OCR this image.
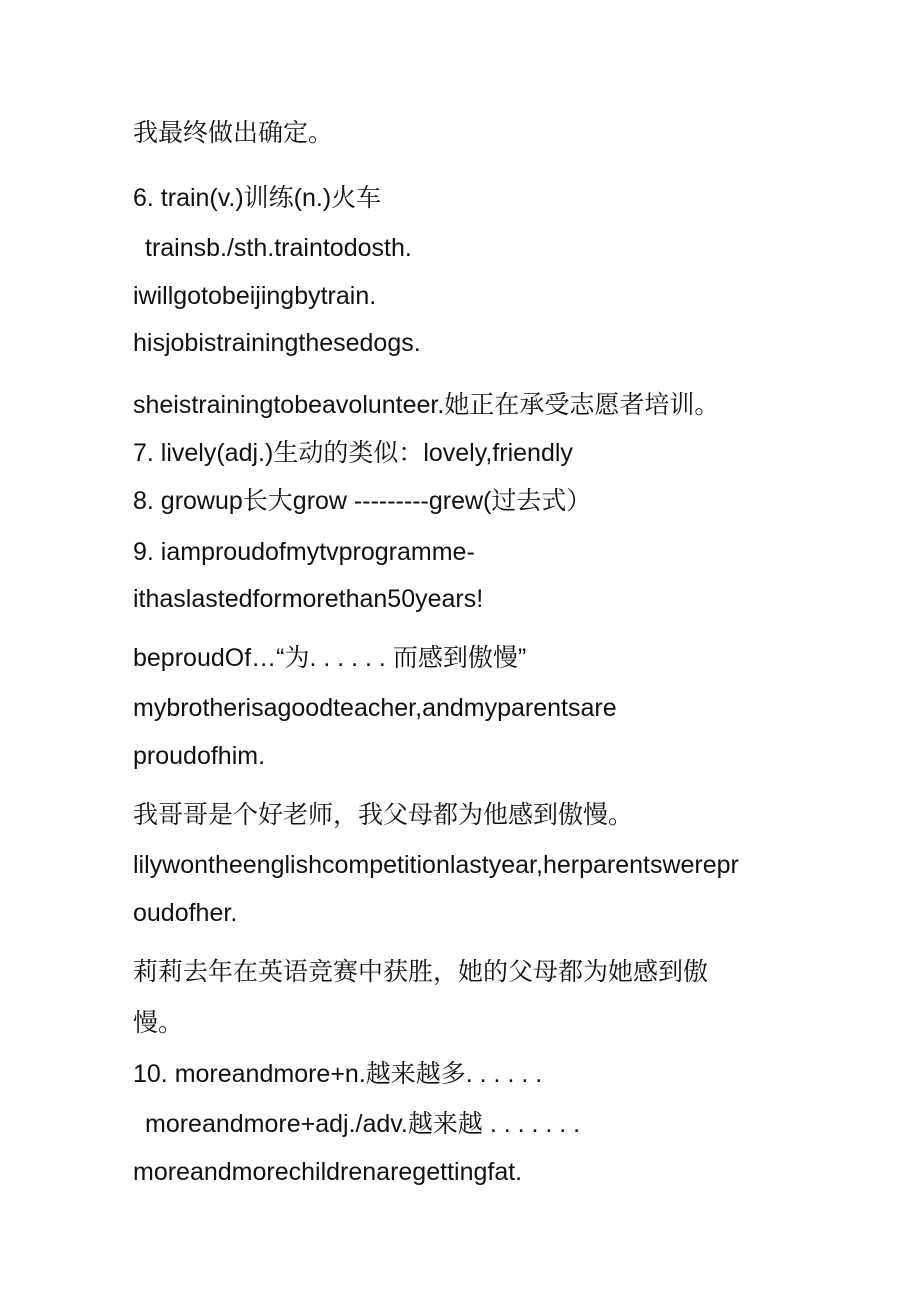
我最终做出确定。
6. train(v.)训练(n.)火车
trainsb./sth.traintodosth.
iwillgotobeijingbytrain.
hisjobistrainingthesedogs.
sheistrainingtobeavolunteer.她正在承受志愿者培训。
7. lively(adj.)生动的类似：lovely,friendly
8. growup长大grow ---------grew(过去式）
9. iamproudofmytvprogramme-
ithaslastedformorethan50years!
beproudOf…“为. . . . . . 而感到傲慢”
mybrotherisagoodteacher,andmyparentsare
proudofhim.
我哥哥是个好老师，我父母都为他感到傲慢。
lilywontheenglishcompetitionlastyear,herparentswerepr
oudofher.
莉莉去年在英语竞赛中获胜，她的父母都为她感到傲
慢。
10. moreandmore+n.越来越多. . . . . .
moreandmore+adj./adv.越来越 . . . . . . .
moreandmorechildrenaregettingfat.
